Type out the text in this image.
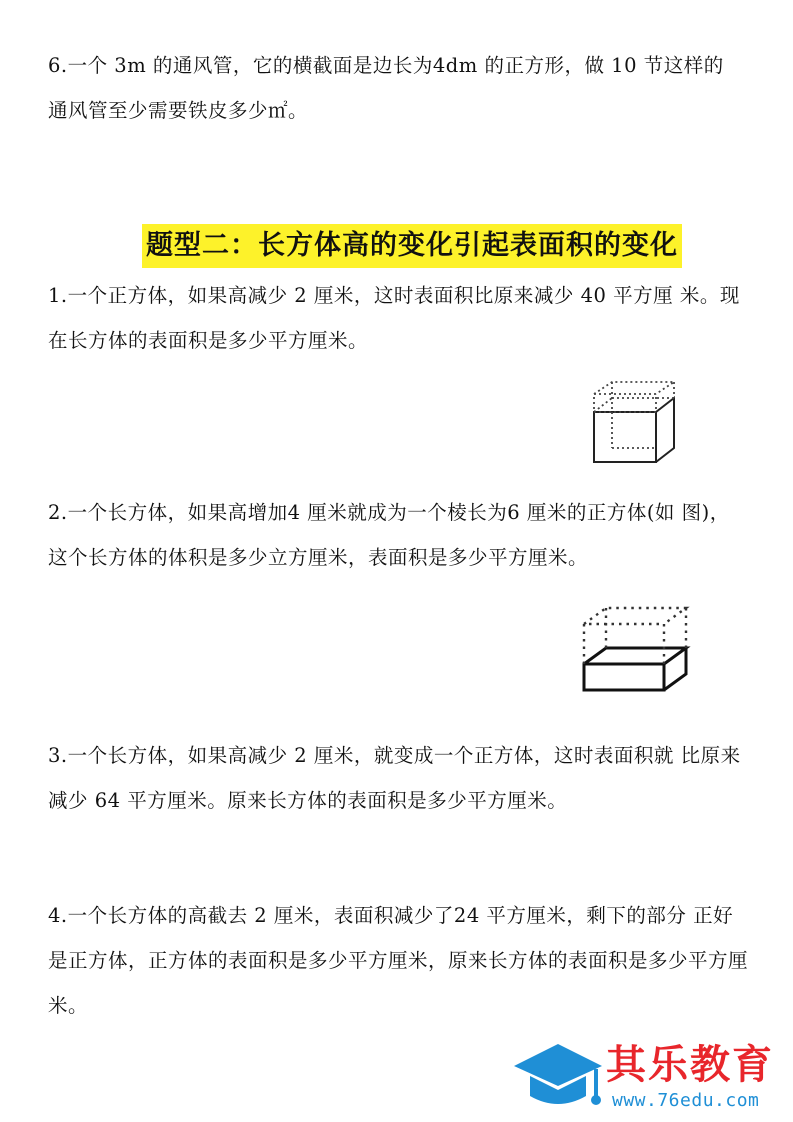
6.一个 3m 的通风管，它的横截面是边长为4dm 的正方形，做 10 节这样的 通风管至少需要铁皮多少㎡。

题型二：长方体高的变化引起表面积的变化

1.一个正方体，如果高减少 2 厘米，这时表面积比原来减少 40 平方厘 米。现在长方体的表面积是多少平方厘米。

2.一个长方体，如果高增加4 厘米就成为一个棱长为6 厘米的正方体(如 图)，这个长方体的体积是多少立方厘米，表面积是多少平方厘米。

3.一个长方体，如果高减少 2 厘米，就变成一个正方体，这时表面积就 比原来减少 64 平方厘米。原来长方体的表面积是多少平方厘米。

4.一个长方体的高截去 2 厘米，表面积减少了24 平方厘米，剩下的部分 正好是正方体，正方体的表面积是多少平方厘米，原来长方体的表面积是多少平方厘米。

其乐教育
www.76edu.com
